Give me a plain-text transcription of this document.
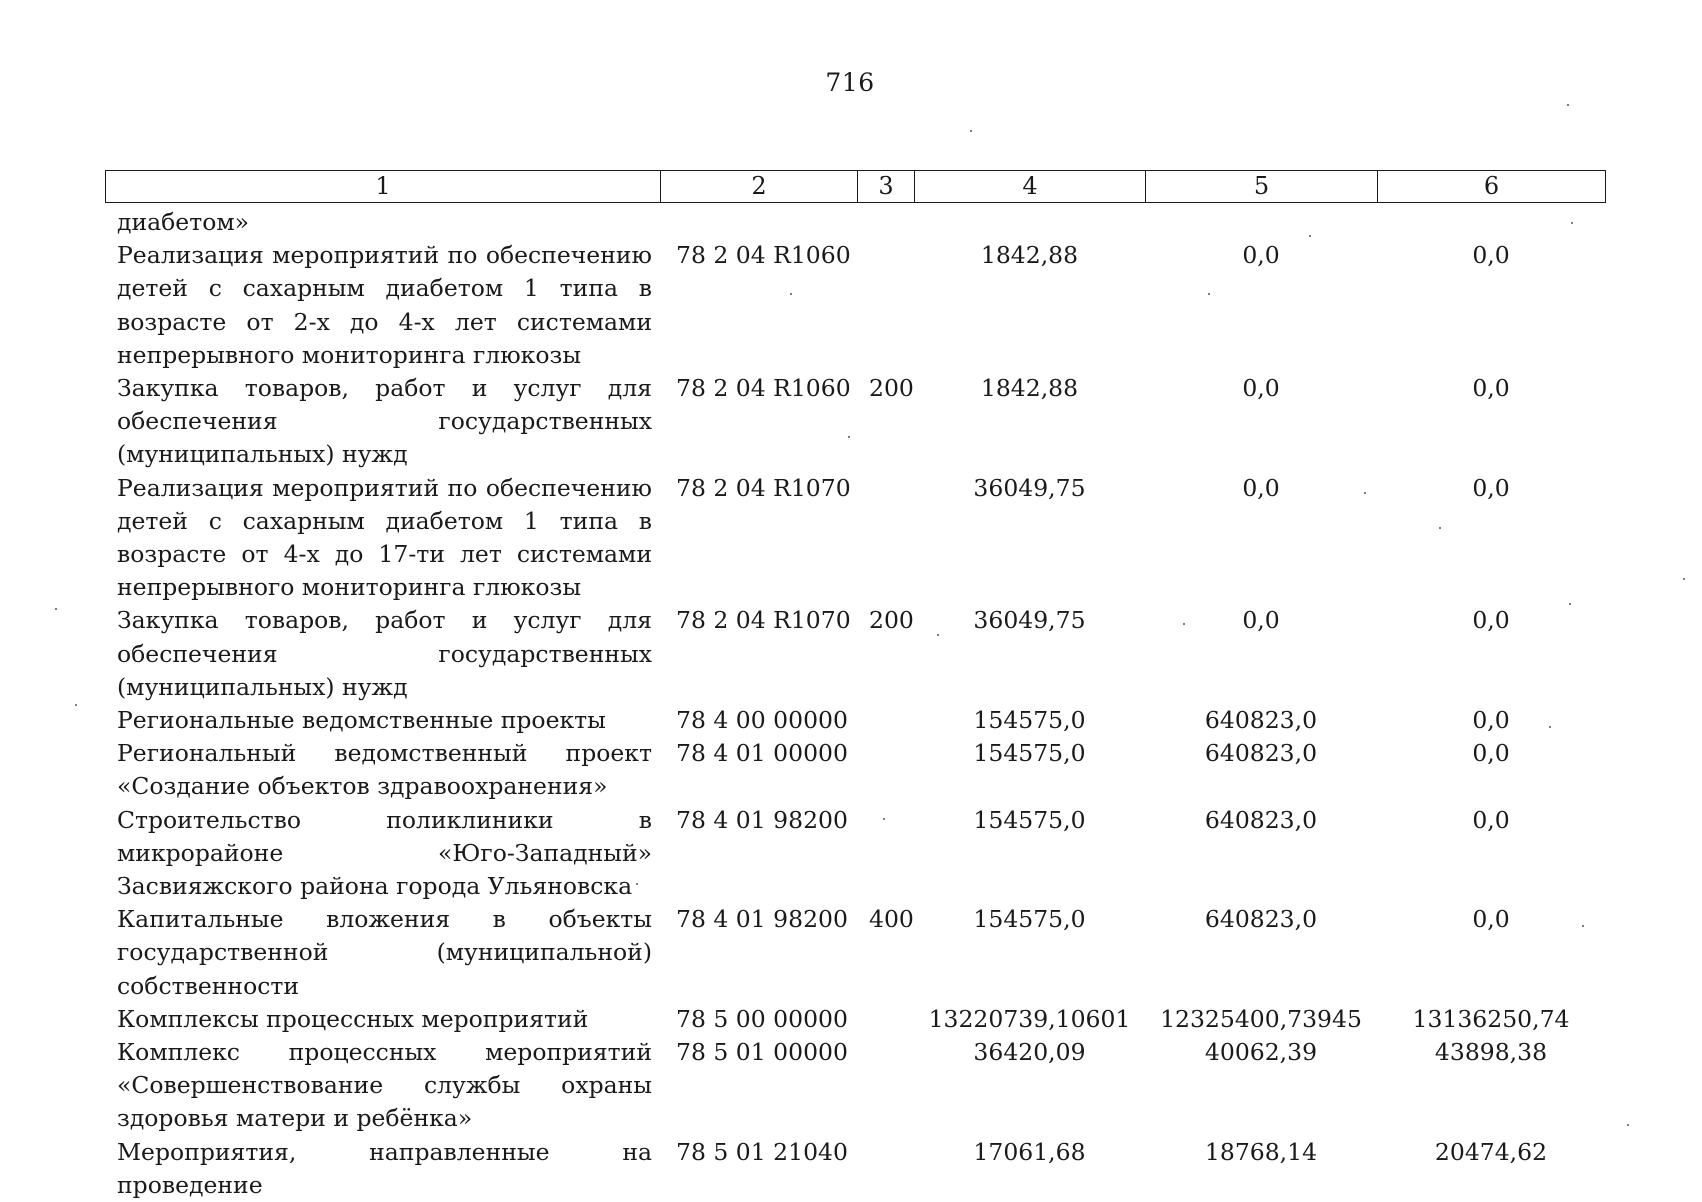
716
1	2	3	4	5	6
диабетом»					
Реализация мероприятий по обеспечению детей с сахарным диабетом 1 типа в возрасте от 2-х до 4-х лет системами непрерывного мониторинга глюкозы	78 2 04 R1060		1842,88	0,0	0,0
Закупка товаров, работ и услуг для обеспечения государственных (муниципальных) нужд	78 2 04 R1060	200	1842,88	0,0	0,0
Реализация мероприятий по обеспечению детей с сахарным диабетом 1 типа в возрасте от 4-х до 17-ти лет системами непрерывного мониторинга глюкозы	78 2 04 R1070		36049,75	0,0	0,0
Закупка товаров, работ и услуг для обеспечения государственных (муниципальных) нужд	78 2 04 R1070	200	36049,75	0,0	0,0
Региональные ведомственные проекты	78 4 00 00000		154575,0	640823,0	0,0
Региональный ведомственный проект «Создание объектов здравоохранения»	78 4 01 00000		154575,0	640823,0	0,0
Строительство поликлиники в микрорайоне «Юго-Западный» Засвияжского района города Ульяновска	78 4 01 98200		154575,0	640823,0	0,0
Капитальные вложения в объекты государственной (муниципальной) собственности	78 4 01 98200	400	154575,0	640823,0	0,0
Комплексы процессных мероприятий	78 5 00 00000		13220739,10601	12325400,73945	13136250,74
Комплекс процессных мероприятий «Совершенствование службы охраны здоровья матери и ребёнка»	78 5 01 00000		36420,09	40062,39	43898,38
Мероприятия, направленные на проведение	78 5 01 21040		17061,68	18768,14	20474,62
